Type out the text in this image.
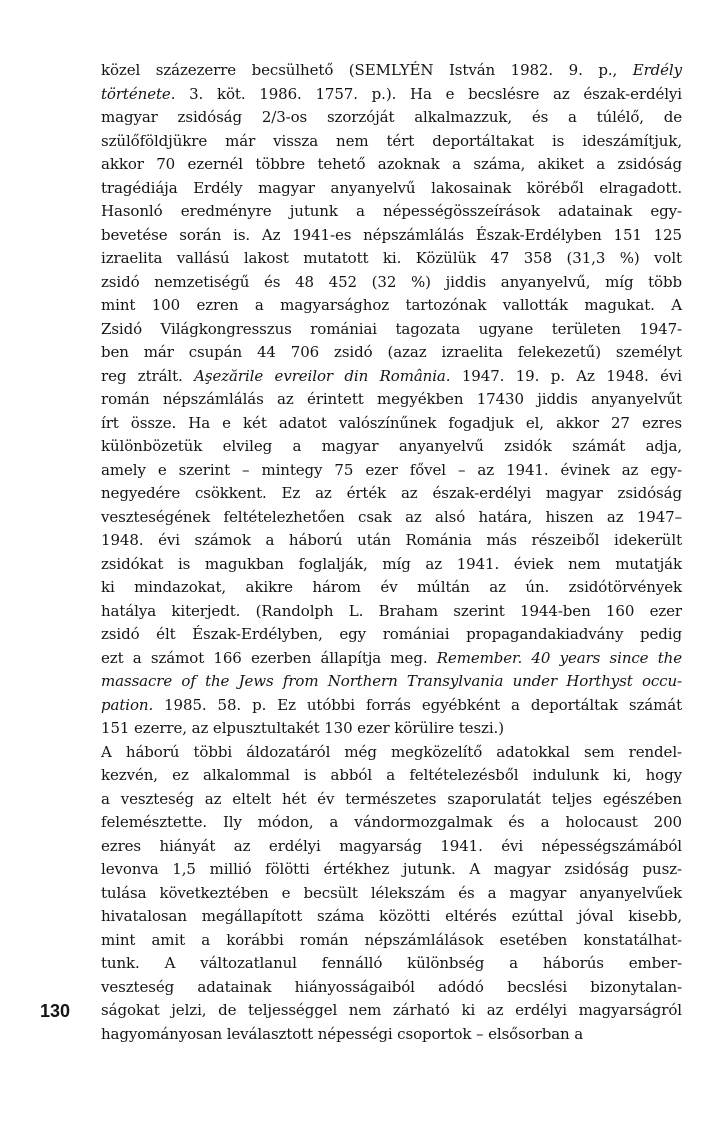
közel százezerre becsülhető (SEMLYÉN István 1982. 9. p., Erdély
története. 3. köt. 1986. 1757. p.). Ha e becslésre az észak-erdélyi
magyar zsidóság 2/3-os szorzóját alkalmazzuk, és a túlélő, de
szülőföldjükre már vissza nem tért deportáltakat is ideszámítjuk,
akkor 70 ezernél többre tehető azoknak a száma, akiket a zsidóság
tragédiája Erdély magyar anyanyelvű lakosainak köréből elragadott.
Hasonló eredményre jutunk a népességösszeírások adatainak egy-
bevetése során is. Az 1941-es népszámlálás Észak-Erdélyben 151 125
izraelita vallású lakost mutatott ki. Közülük 47 358 (31,3 %) volt
zsidó nemzetiségű és 48 452 (32 %) jiddis anyanyelvű, míg több
mint 100 ezren a magyarsághoz tartozónak vallották magukat. A
Zsidó Világkongresszus romániai tagozata ugyane területen 1947-
ben már csupán 44 706 zsidó (azaz izraelita felekezetű) személyt
reg ztrált. Aşezările evreilor din România. 1947. 19. p. Az 1948. évi
román népszámlálás az érintett megyékben 17430 jiddis anyanyelvűt
írt össze. Ha e két adatot valószínűnek fogadjuk el, akkor 27 ezres
különbözetük elvileg a magyar anyanyelvű zsidók számát adja,
amely e szerint – mintegy 75 ezer fővel – az 1941. évinek az egy-
negyedére csökkent. Ez az érték az észak-erdélyi magyar zsidóság
veszteségének feltételezhetően csak az alsó határa, hiszen az 1947–
1948. évi számok a háború után Románia más részeiből idekerült
zsidókat is magukban foglalják, míg az 1941. éviek nem mutatják
ki mindazokat, akikre három év múltán az ún. zsidótörvények
hatálya kiterjedt. (Randolph L. Braham szerint 1944-ben 160 ezer
zsidó élt Észak-Erdélyben, egy romániai propagandakiadvány pedig
ezt a számot 166 ezerben állapítja meg. Remember. 40 years since the
massacre of the Jews from Northern Transylvania under Horthyst occu-
pation. 1985. 58. p. Ez utóbbi forrás egyébként a deportáltak számát
151 ezerre, az elpusztultakét 130 ezer körülire teszi.)
A háború többi áldozatáról még megközelítő adatokkal sem rendel-
kezvén, ez alkalommal is abból a feltételezésből indulunk ki, hogy
a veszteség az eltelt hét év természetes szaporulatát teljes egészében
felemésztette. Ily módon, a vándormozgalmak és a holocaust 200
ezres hiányát az erdélyi magyarság 1941. évi népességszámából
levonva 1,5 millió fölötti értékhez jutunk. A magyar zsidóság pusz-
tulása következtében e becsült lélekszám és a magyar anyanyelvűek
hivatalosan megállapított száma közötti eltérés ezúttal jóval kisebb,
mint amit a korábbi román népszámlálások esetében konstatálhat-
tunk. A változatlanul fennálló különbség a háborús ember-
veszteség adatainak hiányosságaiból adódó becslési bizonytalan-
ságokat jelzi, de teljességgel nem zárható ki az erdélyi magyarságról
hagyományosan leválasztott népességi csoportok – elsősorban a
130
